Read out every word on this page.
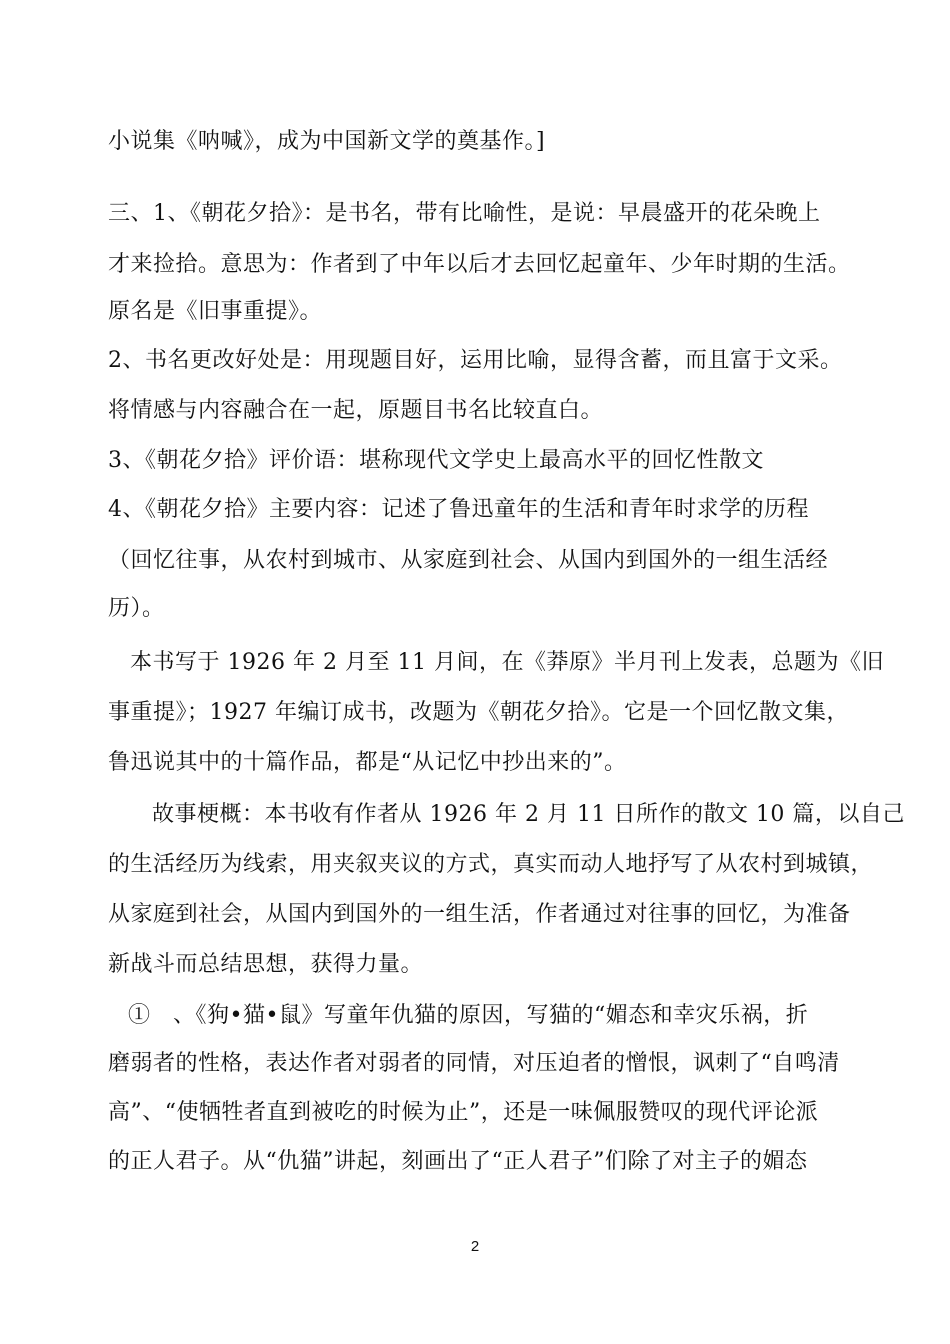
小说集《呐喊》，成为中国新文学的奠基作。]
三、1、《朝花夕拾》：是书名，带有比喻性，是说：早晨盛开的花朵晚上
才来捡拾。意思为：作者到了中年以后才去回忆起童年、少年时期的生活。
原名是《旧事重提》。
2、书名更改好处是：用现题目好，运用比喻，显得含蓄，而且富于文采。
将情感与内容融合在一起，原题目书名比较直白。
3、《朝花夕拾》评价语：堪称现代文学史上最高水平的回忆性散文
4、《朝花夕拾》主要内容：记述了鲁迅童年的生活和青年时求学的历程
（回忆往事，从农村到城市、从家庭到社会、从国内到国外的一组生活经
历）。
本书写于 1926 年 2 月至 11 月间，在《莽原》半月刊上发表，总题为《旧
事重提》；1927 年编订成书，改题为《朝花夕拾》。它是一个回忆散文集，
鲁迅说其中的十篇作品，都是“从记忆中抄出来的”。
故事梗概：本书收有作者从 1926 年 2 月 11 日所作的散文 10 篇，以自己
的生活经历为线索，用夹叙夹议的方式，真实而动人地抒写了从农村到城镇，
从家庭到社会，从国内到国外的一组生活，作者通过对往事的回忆，为准备
新战斗而总结思想，获得力量。
①　、《狗•猫•鼠》写童年仇猫的原因，写猫的“媚态和幸灾乐祸，折
磨弱者的性格，表达作者对弱者的同情，对压迫者的憎恨，讽刺了“自鸣清
高”、“使牺牲者直到被吃的时候为止”，还是一味佩服赞叹的现代评论派
的正人君子。从“仇猫”讲起，刻画出了“正人君子”们除了对主子的媚态
2
